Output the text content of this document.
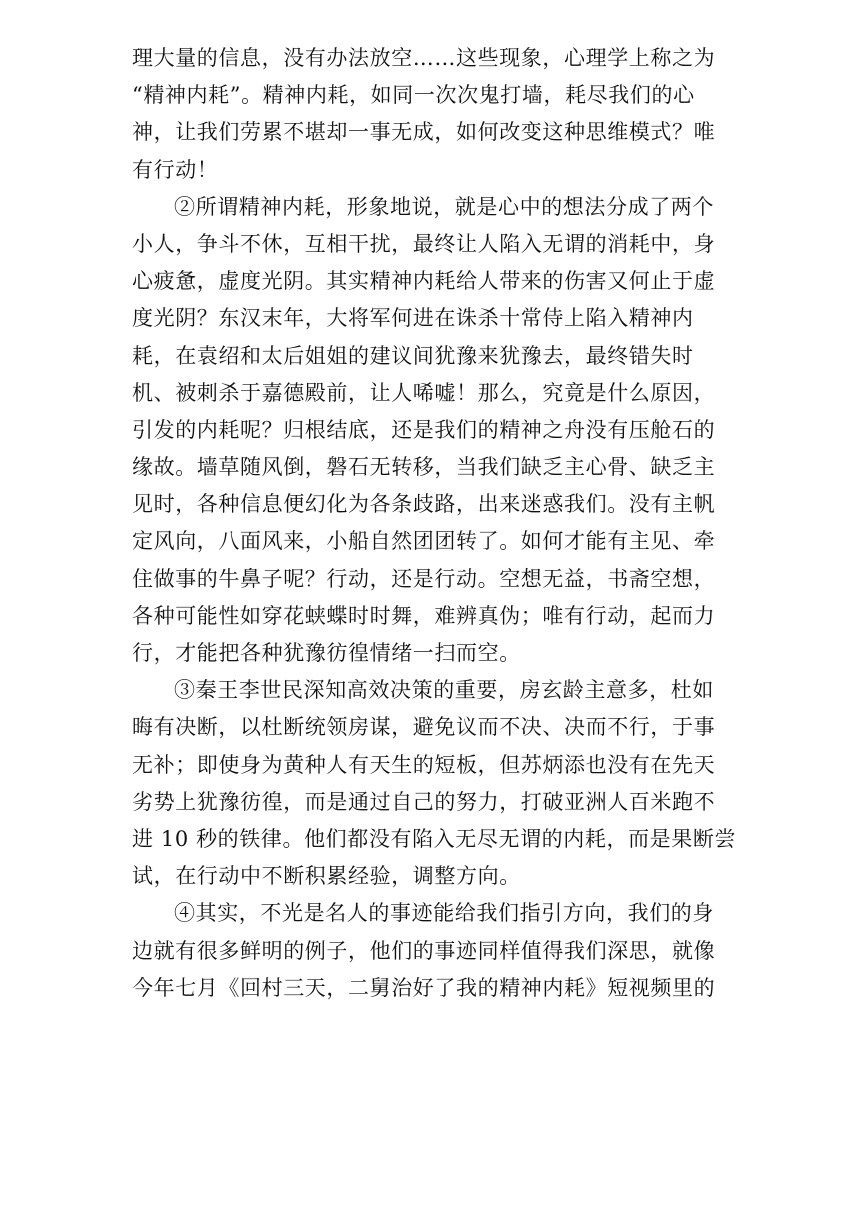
理大量的信息，没有办法放空……这些现象，心理学上称之为
“精神内耗”。精神内耗，如同一次次鬼打墙，耗尽我们的心
神，让我们劳累不堪却一事无成，如何改变这种思维模式？唯
有行动！
②所谓精神内耗，形象地说，就是心中的想法分成了两个
小人，争斗不休，互相干扰，最终让人陷入无谓的消耗中，身
心疲惫，虚度光阴。其实精神内耗给人带来的伤害又何止于虚
度光阴？东汉末年，大将军何进在诛杀十常侍上陷入精神内
耗，在袁绍和太后姐姐的建议间犹豫来犹豫去，最终错失时
机、被刺杀于嘉德殿前，让人唏嘘！那么，究竟是什么原因，
引发的内耗呢？归根结底，还是我们的精神之舟没有压舱石的
缘故。墙草随风倒，磐石无转移，当我们缺乏主心骨、缺乏主
见时，各种信息便幻化为各条歧路，出来迷惑我们。没有主帆
定风向，八面风来，小船自然团团转了。如何才能有主见、牵
住做事的牛鼻子呢？行动，还是行动。空想无益，书斋空想，
各种可能性如穿花蛱蝶时时舞，难辨真伪；唯有行动，起而力
行，才能把各种犹豫彷徨情绪一扫而空。
③秦王李世民深知高效决策的重要，房玄龄主意多，杜如
晦有决断，以杜断统领房谋，避免议而不决、决而不行，于事
无补；即使身为黄种人有天生的短板，但苏炳添也没有在先天
劣势上犹豫彷徨，而是通过自己的努力，打破亚洲人百米跑不
进 10 秒的铁律。他们都没有陷入无尽无谓的内耗，而是果断尝
试，在行动中不断积累经验，调整方向。
④其实，不光是名人的事迹能给我们指引方向，我们的身
边就有很多鲜明的例子，他们的事迹同样值得我们深思，就像
今年七月《回村三天，二舅治好了我的精神内耗》短视频里的
